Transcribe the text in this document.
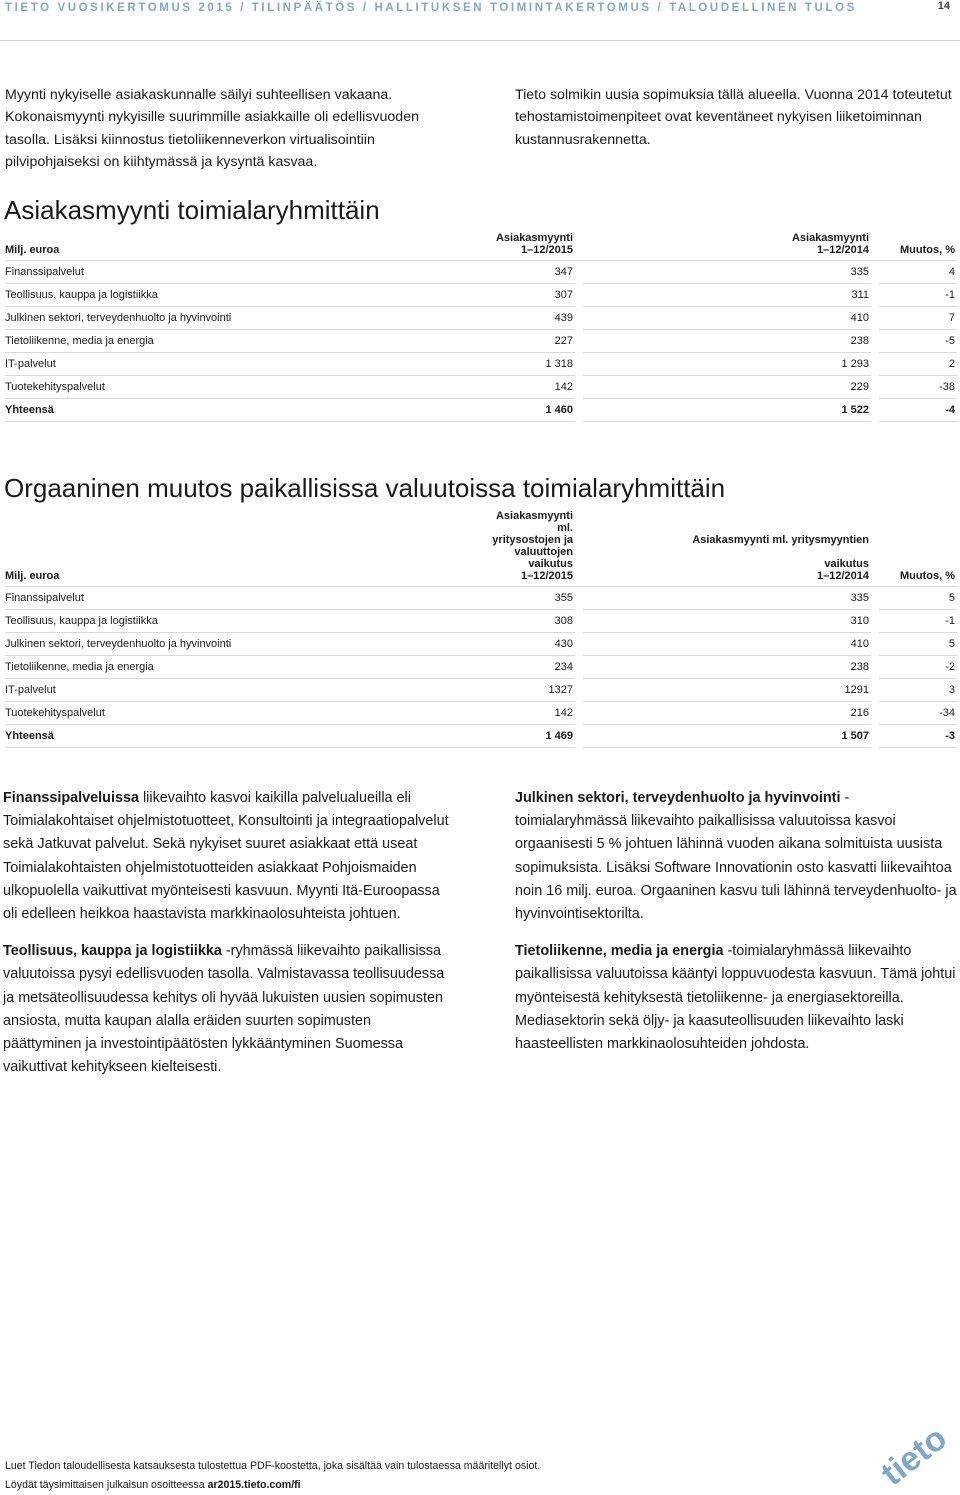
TIETO VUOSIKERTOMUS 2015 / TILINPÄÄTÖS / HALLITUKSEN TOIMINTAKERTOMUS / TALOUDELLINEN TULOS	14
Myynti nykyiselle asiakaskunnalle säilyi suhteellisen vakaana. Kokonaismyynti nykyisille suurimmille asiakkaille oli edellisvuoden tasolla. Lisäksi kiinnostus tietoliikenneverkon virtualisointiin pilvipohjaiseksi on kiihtymässä ja kysyntä kasvaa.
Tieto solmikin uusia sopimuksia tällä alueella. Vuonna 2014 toteutetut tehostamistoimenpiteet ovat keventäneet nykyisen liiketoiminnan kustannusrakennetta.
Asiakasmyynti toimialaryhmittäin
	Asiakasmyynti		Asiakasmyynti		
Milj. euroa	1–12/2015		1–12/2014		Muutos, %
Finanssipalvelut	347		335		4
Teollisuus, kauppa ja logistiikka	307		311		-1
Julkinen sektori, terveydenhuolto ja hyvinvointi	439		410		7
Tietoliikenne, media ja energia	227		238		-5
IT-palvelut	1 318		1 293		2
Tuotekehityspalvelut	142		229		-38
Yhteensä	1 460		1 522		-4
Orgaaninen muutos paikallisissa valuutoissa toimialaryhmittäin
	Asiakasmyynti ml. yritysostojen ja		Asiakasmyynti ml. yritysmyyntien		
	valuuttojen vaikutus		vaikutus		
Milj. euroa	1–12/2015		1–12/2014		Muutos, %
Finanssipalvelut	355		335		5
Teollisuus, kauppa ja logistiikka	308		310		-1
Julkinen sektori, terveydenhuolto ja hyvinvointi	430		410		5
Tietoliikenne, media ja energia	234		238		-2
IT-palvelut	1327		1291		3
Tuotekehityspalvelut	142		216		-34
Yhteensä	1 469		1 507		-3

Finanssipalveluissa liikevaihto kasvoi kaikilla palvelualueilla eli Toimialakohtaiset ohjelmistotuotteet, Konsultointi ja integraatiopalvelut sekä Jatkuvat palvelut. Sekä nykyiset suuret asiakkaat että useat Toimialakohtaisten ohjelmistotuotteiden asiakkaat Pohjoismaiden ulkopuolella vaikuttivat myönteisesti kasvuun. Myynti Itä-Euroopassa oli edelleen heikkoa haastavista markkinaolosuhteista johtuen.

Teollisuus, kauppa ja logistiikka -ryhmässä liikevaihto paikallisissa valuutoissa pysyi edellisvuoden tasolla. Valmistavassa teollisuudessa ja metsäteollisuudessa kehitys oli hyvää lukuisten uusien sopimusten ansiosta, mutta kaupan alalla eräiden suurten sopimusten päättyminen ja investointipäätösten lykkääntyminen Suomessa vaikuttivat kehitykseen kielteisesti.

Julkinen sektori, terveydenhuolto ja hyvinvointi - toimialaryhmässä liikevaihto paikallisissa valuutoissa kasvoi orgaanisesti 5 % johtuen lähinnä vuoden aikana solmituista uusista sopimuksista. Lisäksi Software Innovationin osto kasvatti liikevaihtoa noin 16 milj. euroa. Orgaaninen kasvu tuli lähinnä terveydenhuolto- ja hyvinvointisektorilta.

Tietoliikenne, media ja energia -toimialaryhmässä liikevaihto paikallisissa valuutoissa kääntyi loppuvuodesta kasvuun. Tämä johtui myönteisestä kehityksestä tietoliikenne- ja energiasektoreilla. Mediasektorin sekä öljy- ja kaasuteollisuuden liikevaihto laski haasteellisten markkinaolosuhteiden johdosta.

Luet Tiedon taloudellisesta katsauksesta tulostettua PDF-koostetta, joka sisältää vain tulostaessa määritellyt osiot.
Löydät täysimittaisen julkaisun osoitteessa ar2015.tieto.com/fi	tieto
